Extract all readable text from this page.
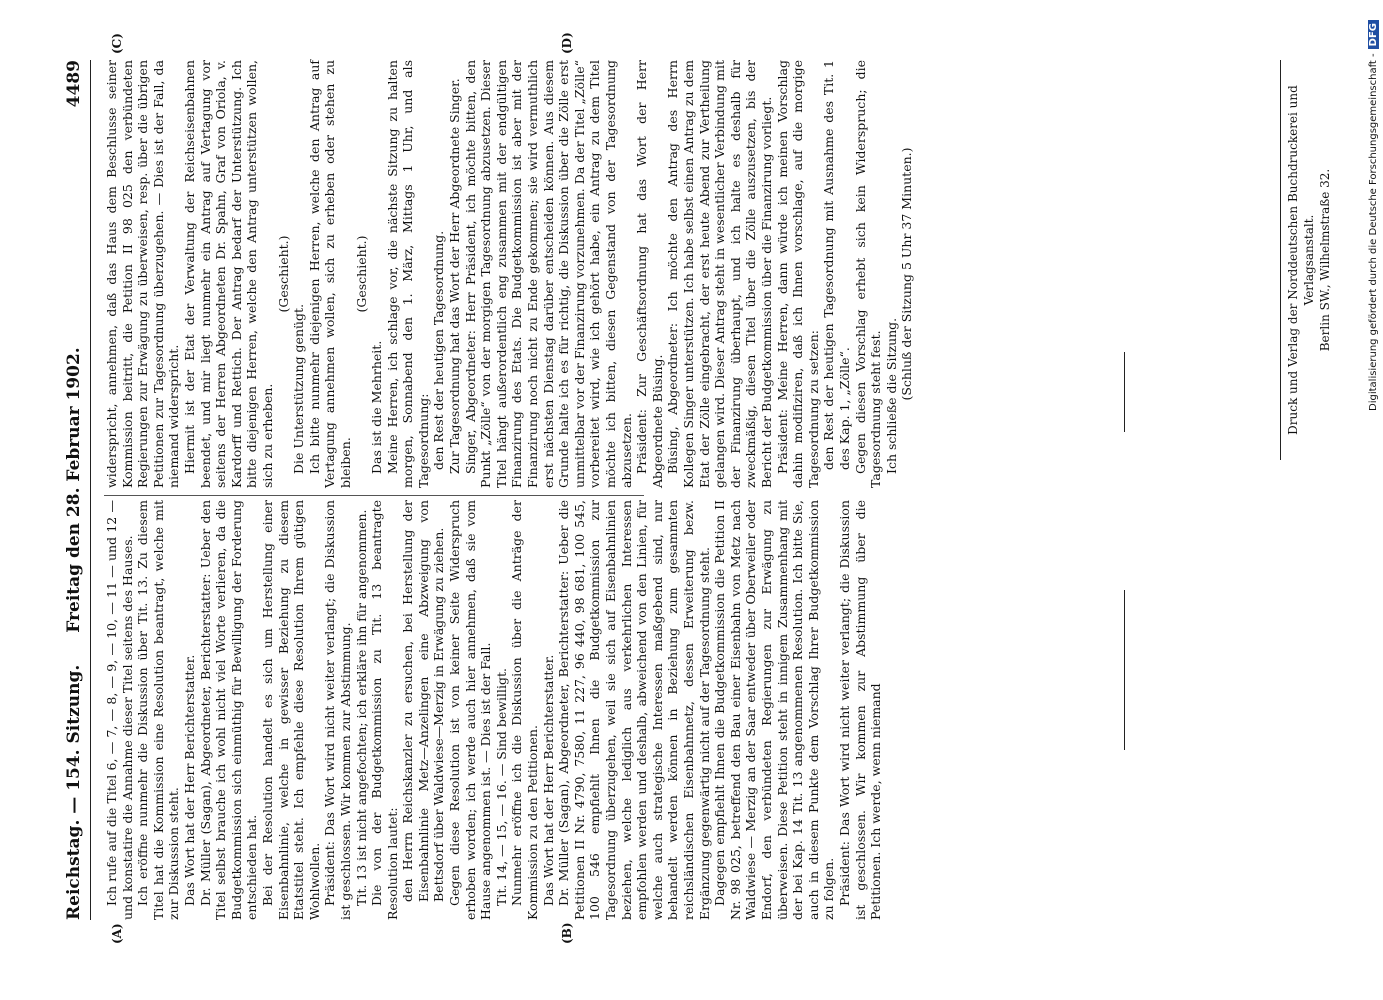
Reichstag. — 154. Sitzung.
Freitag den 28. Februar 1902.
4489
(A)	(B)
(C)	(D)

Ich rufe auf die Titel 6, — 7, — 8, — 9, — 10, — 11 — und 12 — und konstatire die Annahme dieser Titel seitens des Hauses. Ich eröffne nunmehr die Diskussion über Tit. 13. Zu diesem Titel hat die Kommission eine Resolution beantragt, welche mit zur Diskussion steht. Das Wort hat der Herr Berichterstatter. Dr. Müller (Sagan), Abgeordneter, Berichterstatter: Ueber den Titel selbst brauche ich wohl nicht viel Worte verlieren, da die Budgetkommission sich einmüthig für Bewilligung der Forderung entschieden hat. Bei der Resolution handelt es sich um Herstellung einer Eisenbahnlinie, welche in gewisser Beziehung zu diesem Etatstitel steht. Ich empfehle diese Resolution Ihrem gütigen Wohlwollen. Präsident: Das Wort wird nicht weiter verlangt; die Diskussion ist geschlossen. Wir kommen zur Abstimmung. Tit. 13 ist nicht angefochten; ich erkläre ihn für angenommen. Die von der Budgetkommission zu Tit. 13 beantragte Resolution lautet: den Herrn Reichskanzler zu ersuchen, bei Herstellung der Eisenbahnlinie Metz—Anzelingen eine Abzweigung von Bettsdorf über Waldwiese—Merzig in Erwägung zu ziehen. Gegen diese Resolution ist von keiner Seite Widerspruch erhoben worden; ich werde auch hier annehmen, daß sie vom Hause angenommen ist. — Dies ist der Fall. Tit. 14, — 15, — 16. — Sind bewilligt. Nunmehr eröffne ich die Diskussion über die Anträge der Kommission zu den Petitionen. Das Wort hat der Herr Berichterstatter. Dr. Müller (Sagan), Abgeordneter, Berichterstatter: Ueber die Petitionen II Nr. 4790, 7580, 11 227, 96 440, 98 681, 100 545, 100 546 empfiehlt Ihnen die Budgetkommission zur Tagesordnung überzugehen, weil sie sich auf Eisenbahnlinien beziehen, welche lediglich aus verkehrlichen Interessen empfohlen werden und deshalb, abweichend von den Linien, für welche auch strategische Interessen maßgebend sind, nur behandelt werden können in Beziehung zum gesammten reichsländischen Eisenbahnnetz, dessen Erweiterung bezw. Ergänzung gegenwärtig nicht auf der Tagesordnung steht. Dagegen empfiehlt Ihnen die Budgetkommission die Petition II Nr. 98 025, betreffend den Bau einer Eisenbahn von Metz nach Waldwiese — Merzig an der Saar entweder über Oberweiler oder Endorf, den verbündeten Regierungen zur Erwägung zu überweisen. Diese Petition steht in innigem Zusammenhang mit der bei Kap. 14 Tit. 13 angenommenen Resolution. Ich bitte Sie, auch in diesem Punkte dem Vorschlag Ihrer Budgetkommission zu folgen. Präsident: Das Wort wird nicht weiter verlangt; die Diskussion ist geschlossen. Wir kommen zur Abstimmung über die Petitionen. Ich werde, wenn niemand

widerspricht, annehmen, daß das Haus dem Beschlusse seiner Kommission beitritt, die Petition II 98 025 den verbündeten Regierungen zur Erwägung zu überweisen, resp. über die übrigen Petitionen zur Tagesordnung überzugehen. — Dies ist der Fall, da niemand widerspricht. Hiermit ist der Etat der Verwaltung der Reichseisenbahnen beendet, und mir liegt nunmehr ein Antrag auf Vertagung vor seitens der Herren Abgeordneten Dr. Spahn, Graf von Oriola, v. Kardorff und Rettich. Der Antrag bedarf der Unterstützung. Ich bitte diejenigen Herren, welche den Antrag unterstützen wollen, sich zu erheben.

(Geschieht.)

Die Unterstützung genügt. Ich bitte nunmehr diejenigen Herren, welche den Antrag auf Vertagung annehmen wollen, sich zu erheben oder stehen zu bleiben.

(Geschieht.)

Das ist die Mehrheit. Meine Herren, ich schlage vor, die nächste Sitzung zu halten morgen, Sonnabend den 1. März, Mittags 1 Uhr, und als Tagesordnung: den Rest der heutigen Tagesordnung. Zur Tagesordnung hat das Wort der Herr Abgeordnete Singer. Singer, Abgeordneter: Herr Präsident, ich möchte bitten, den Punkt „Zölle“ von der morgigen Tagesordnung abzusetzen. Dieser Titel hängt außerordentlich eng zusammen mit der endgültigen Finanzirung des Etats. Die Budgetkommission ist aber mit der Finanzirung noch nicht zu Ende gekommen; sie wird vermuthlich erst nächsten Dienstag darüber entscheiden können. Aus diesem Grunde halte ich es für richtig, die Diskussion über die Zölle erst unmittelbar vor der Finanzirung vorzunehmen. Da der Titel „Zölle“ vorbereitet wird, wie ich gehört habe, ein Antrag zu dem Titel möchte ich bitten, diesen Gegenstand von der Tagesordnung abzusetzen. Präsident: Zur Geschäftsordnung hat das Wort der Herr Abgeordnete Büsing. Büsing, Abgeordneter: Ich möchte den Antrag des Herrn Kollegen Singer unterstützen. Ich habe selbst einen Antrag zu dem Etat der Zölle eingebracht, der erst heute Abend zur Vertheilung gelangen wird. Dieser Antrag steht in wesentlicher Verbindung mit der Finanzirung überhaupt, und ich halte es deshalb für zweckmäßig, diesen Titel über die Zölle auszusetzen, bis der Bericht der Budgetkommission über die Finanzirung vorliegt. Präsident: Meine Herren, dann würde ich meinen Vorschlag dahin modifiziren, daß ich Ihnen vorschlage, auf die morgige Tagesordnung zu setzen: den Rest der heutigen Tagesordnung mit Ausnahme des Tit. 1 des Kap. 1, „Zölle“. Gegen diesen Vorschlag erhebt sich kein Widerspruch; die Tagesordnung steht fest. Ich schließe die Sitzung. (Schluß der Sitzung 5 Uhr 37 Minuten.)	Druck und Verlag der Norddeutschen Buchdruckerei und Verlagsanstalt. Berlin SW., Wilhelmstraße 32.	Digitalisierung gefördert durch die Deutsche Forschungsgemeinschaft -DFG
